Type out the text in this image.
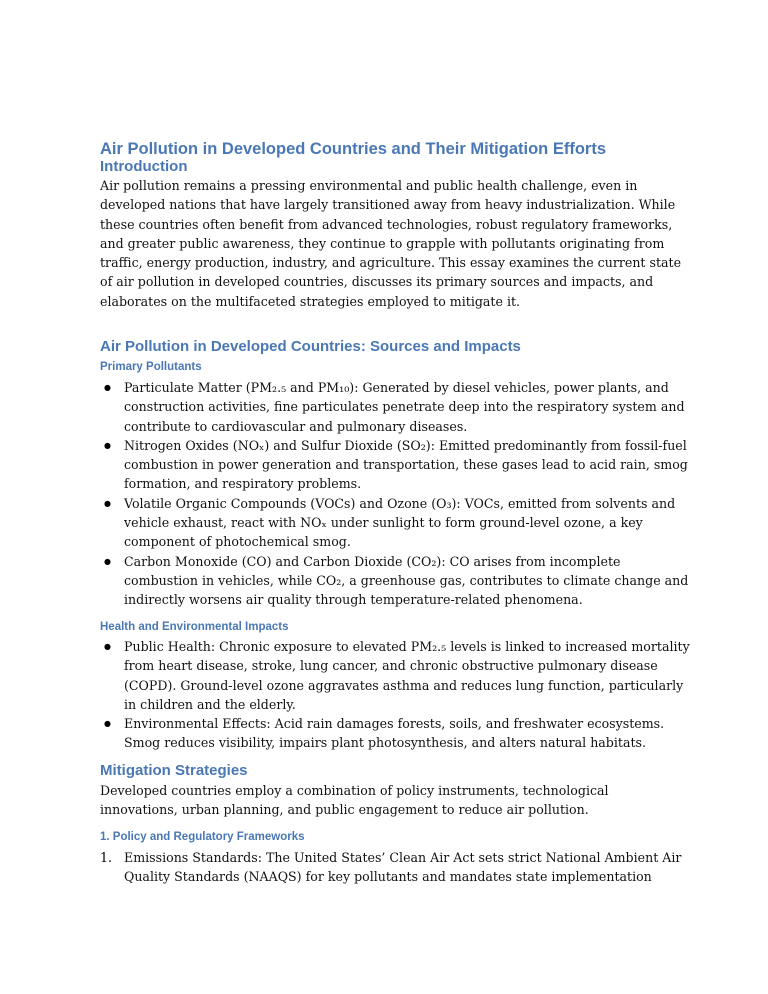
Air Pollution in Developed Countries and Their Mitigation Efforts
Introduction
Air pollution remains a pressing environmental and public health challenge, even in
developed nations that have largely transitioned away from heavy industrialization. While
these countries often benefit from advanced technologies, robust regulatory frameworks,
and greater public awareness, they continue to grapple with pollutants originating from
traffic, energy production, industry, and agriculture. This essay examines the current state
of air pollution in developed countries, discusses its primary sources and impacts, and
elaborates on the multifaceted strategies employed to mitigate it.
Air Pollution in Developed Countries: Sources and Impacts
Primary Pollutants
● Particulate Matter (PM₂.₅ and PM₁₀): Generated by diesel vehicles, power plants, and
construction activities, fine particulates penetrate deep into the respiratory system and
contribute to cardiovascular and pulmonary diseases.
● Nitrogen Oxides (NOₓ) and Sulfur Dioxide (SO₂): Emitted predominantly from fossil-fuel
combustion in power generation and transportation, these gases lead to acid rain, smog
formation, and respiratory problems.
● Volatile Organic Compounds (VOCs) and Ozone (O₃): VOCs, emitted from solvents and
vehicle exhaust, react with NOₓ under sunlight to form ground-level ozone, a key
component of photochemical smog.
● Carbon Monoxide (CO) and Carbon Dioxide (CO₂): CO arises from incomplete
combustion in vehicles, while CO₂, a greenhouse gas, contributes to climate change and
indirectly worsens air quality through temperature-related phenomena.
Health and Environmental Impacts
● Public Health: Chronic exposure to elevated PM₂.₅ levels is linked to increased mortality
from heart disease, stroke, lung cancer, and chronic obstructive pulmonary disease
(COPD). Ground-level ozone aggravates asthma and reduces lung function, particularly
in children and the elderly.
● Environmental Effects: Acid rain damages forests, soils, and freshwater ecosystems.
Smog reduces visibility, impairs plant photosynthesis, and alters natural habitats.
Mitigation Strategies
Developed countries employ a combination of policy instruments, technological
innovations, urban planning, and public engagement to reduce air pollution.
1. Policy and Regulatory Frameworks
1. Emissions Standards: The United States’ Clean Air Act sets strict National Ambient Air
Quality Standards (NAAQS) for key pollutants and mandates state implementation
